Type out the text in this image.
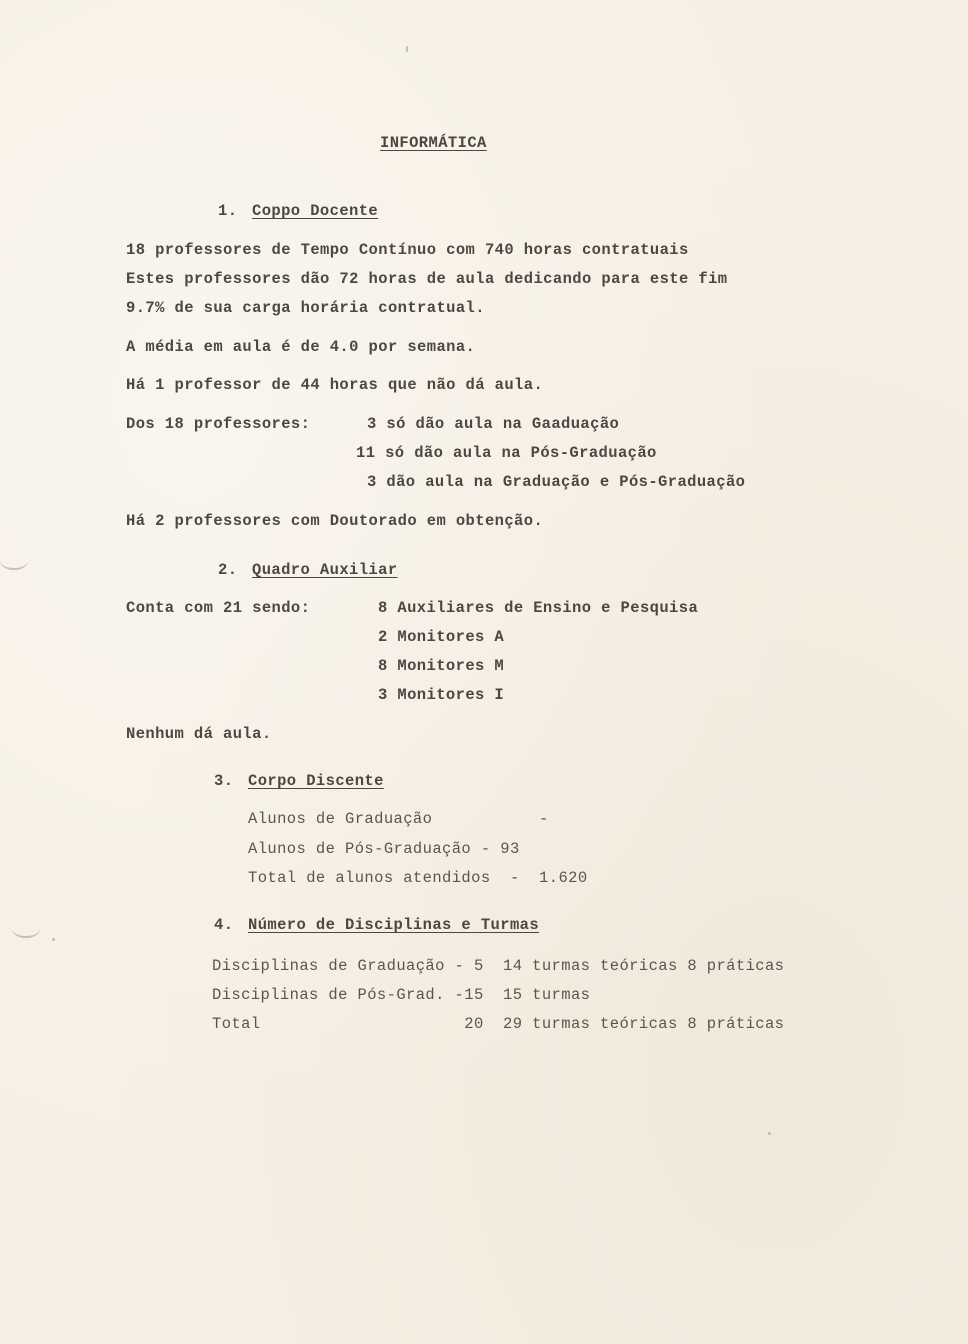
INFORMÁTICA
1. Coppo Docente
18 professores de Tempo Contínuo com 740 horas contratuais
Estes professores dão 72 horas de aula dedicando para este fim
9.7% de sua carga horária contratual.
A média em aula é de 4.0 por semana.
Há 1 professor de 44 horas que não dá aula.
Dos 18 professores:	3 só dão aula na Gaaduação
11 só dão aula na Pós-Graduação
3 dão aula na Graduação e Pós-Graduação
Há 2 professores com Doutorado em obtenção.
2. Quadro Auxiliar
Conta com 21 sendo:	8 Auxiliares de Ensino e Pesquisa
2 Monitores A
8 Monitores M
3 Monitores I
Nenhum dá aula.
3. Corpo Discente
Alunos de Graduação           -
Alunos de Pós-Graduação - 93
Total de alunos atendidos  -  1.620
4. Número de Disciplinas e Turmas
Disciplinas de Graduação - 5  14 turmas teóricas 8 práticas
Disciplinas de Pós-Grad. -15  15 turmas
Total                     20  29 turmas teóricas 8 práticas
